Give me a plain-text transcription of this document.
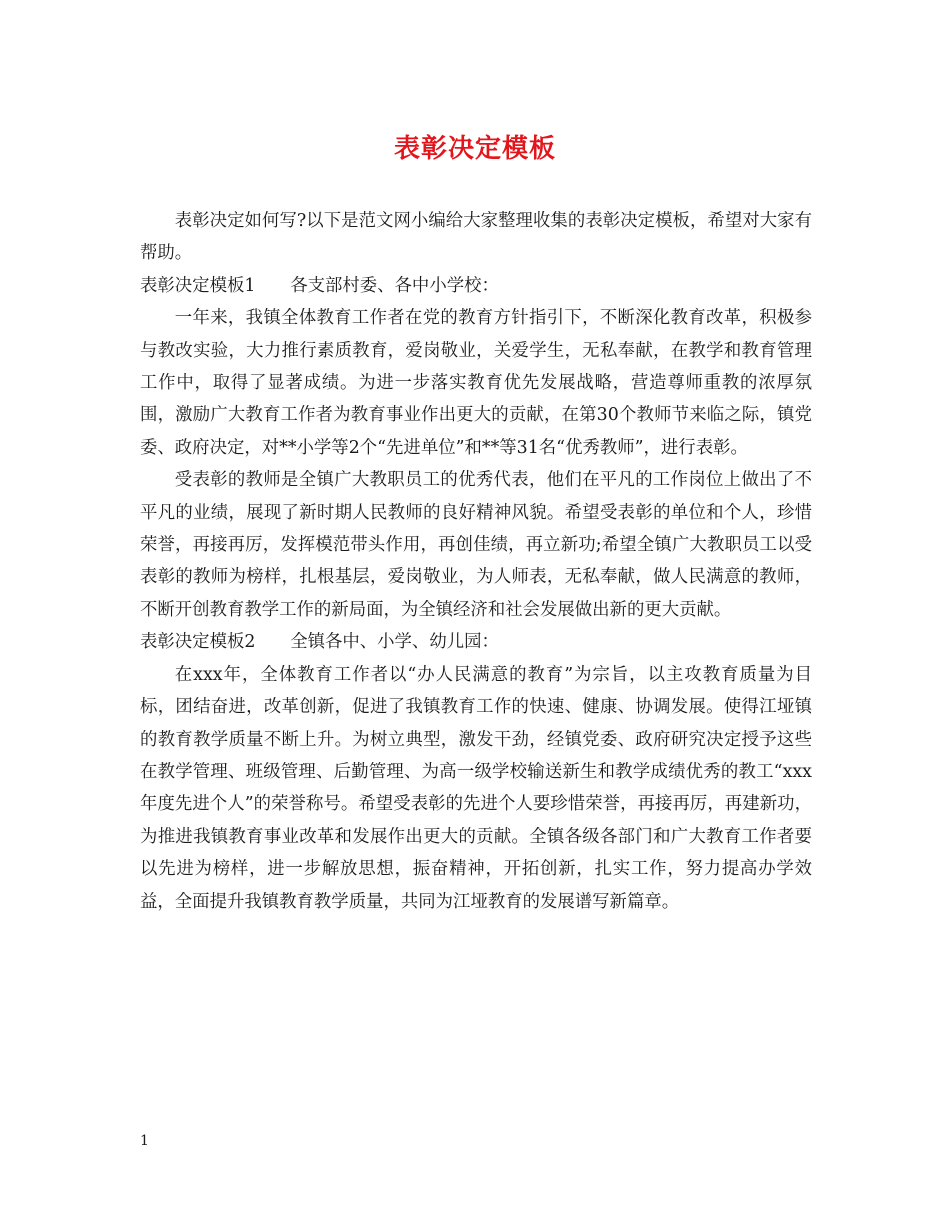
表彰决定模板

表彰决定如何写?以下是范文网小编给大家整理收集的表彰决定模板，希望对大家有帮助。

表彰决定模板1　　各支部村委、各中小学校：

一年来，我镇全体教育工作者在党的教育方针指引下，不断深化教育改革，积极参与教改实验，大力推行素质教育，爱岗敬业，关爱学生，无私奉献，在教学和教育管理工作中，取得了显著成绩。为进一步落实教育优先发展战略，营造尊师重教的浓厚氛围，激励广大教育工作者为教育事业作出更大的贡献，在第30个教师节来临之际，镇党委、政府决定，对**小学等2个“先进单位”和**等31名“优秀教师”，进行表彰。

受表彰的教师是全镇广大教职员工的优秀代表，他们在平凡的工作岗位上做出了不平凡的业绩，展现了新时期人民教师的良好精神风貌。希望受表彰的单位和个人，珍惜荣誉，再接再厉，发挥模范带头作用，再创佳绩，再立新功;希望全镇广大教职员工以受表彰的教师为榜样，扎根基层，爱岗敬业，为人师表，无私奉献，做人民满意的教师，不断开创教育教学工作的新局面，为全镇经济和社会发展做出新的更大贡献。

表彰决定模板2　　全镇各中、小学、幼儿园：

在xxx年，全体教育工作者以“办人民满意的教育”为宗旨，以主攻教育质量为目标，团结奋进，改革创新，促进了我镇教育工作的快速、健康、协调发展。使得江垭镇的教育教学质量不断上升。为树立典型，激发干劲，经镇党委、政府研究决定授予这些在教学管理、班级管理、后勤管理、为高一级学校输送新生和教学成绩优秀的教工“xxx年度先进个人”的荣誉称号。希望受表彰的先进个人要珍惜荣誉，再接再厉，再建新功，为推进我镇教育事业改革和发展作出更大的贡献。全镇各级各部门和广大教育工作者要以先进为榜样，进一步解放思想，振奋精神，开拓创新，扎实工作，努力提高办学效益，全面提升我镇教育教学质量，共同为江垭教育的发展谱写新篇章。

1
